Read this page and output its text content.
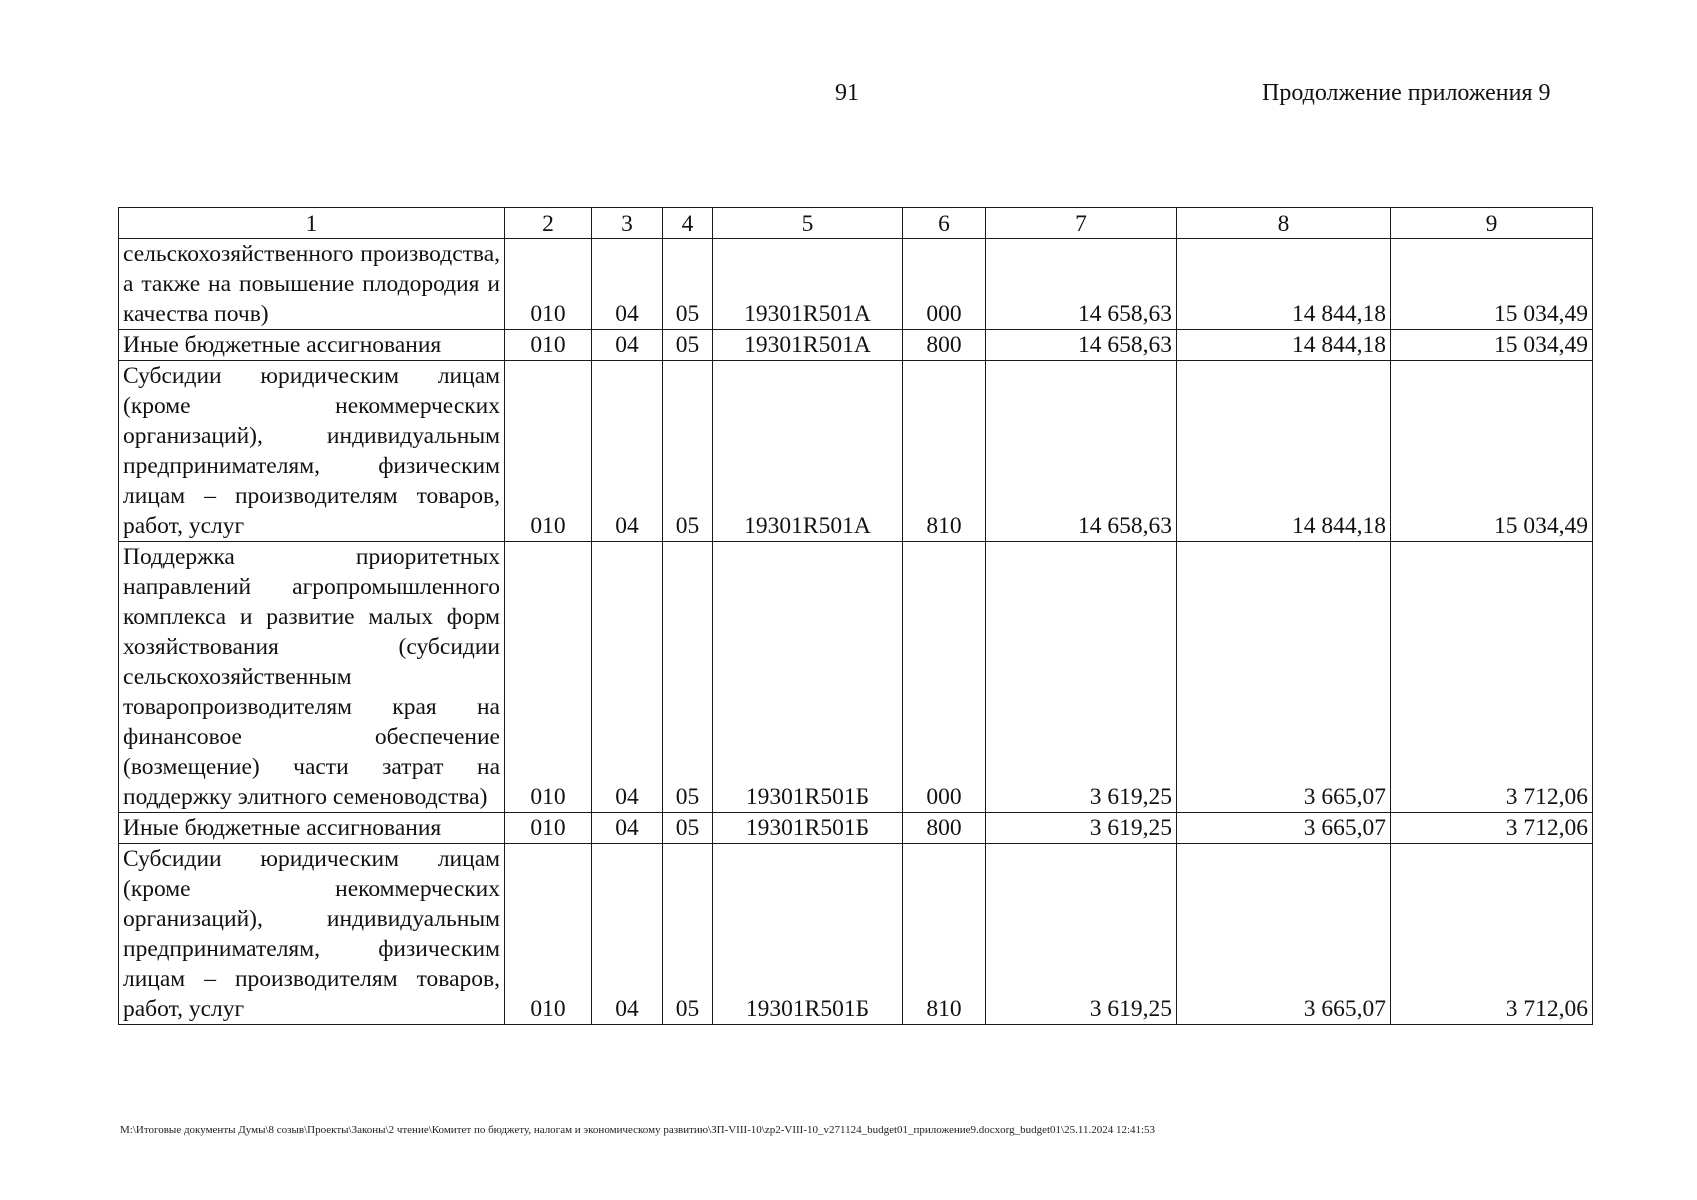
91	Продолжение приложения 9
1	2	3	4	5	6	7	8	9
сельскохозяйственного производства, а также на повышение плодородия и качества почв)	010	04	05	19301R501А	000	14 658,63	14 844,18	15 034,49
Иные бюджетные ассигнования	010	04	05	19301R501А	800	14 658,63	14 844,18	15 034,49
Субсидии юридическим лицам (кроме некоммерческих организаций), индивидуальным предпринимателям, физическим лицам – производителям товаров, работ, услуг	010	04	05	19301R501А	810	14 658,63	14 844,18	15 034,49
Поддержка приоритетных направлений агропромышленного комплекса и развитие малых форм хозяйствования (субсидии сельскохозяйственным товаропроизводителям края на финансовое обеспечение (возмещение) части затрат на поддержку элитного семеноводства)	010	04	05	19301R501Б	000	3 619,25	3 665,07	3 712,06
Иные бюджетные ассигнования	010	04	05	19301R501Б	800	3 619,25	3 665,07	3 712,06
Субсидии юридическим лицам (кроме некоммерческих организаций), индивидуальным предпринимателям, физическим лицам – производителям товаров, работ, услуг	010	04	05	19301R501Б	810	3 619,25	3 665,07	3 712,06
M:\Итоговые документы Думы\8 созыв\Проекты\Законы\2 чтение\Комитет по бюджету, налогам и экономическому развитию\ЗП-VIII-10\zp2-VIII-10_v271124_budget01_приложение9.docxorg_budget01\25.11.2024 12:41:53
